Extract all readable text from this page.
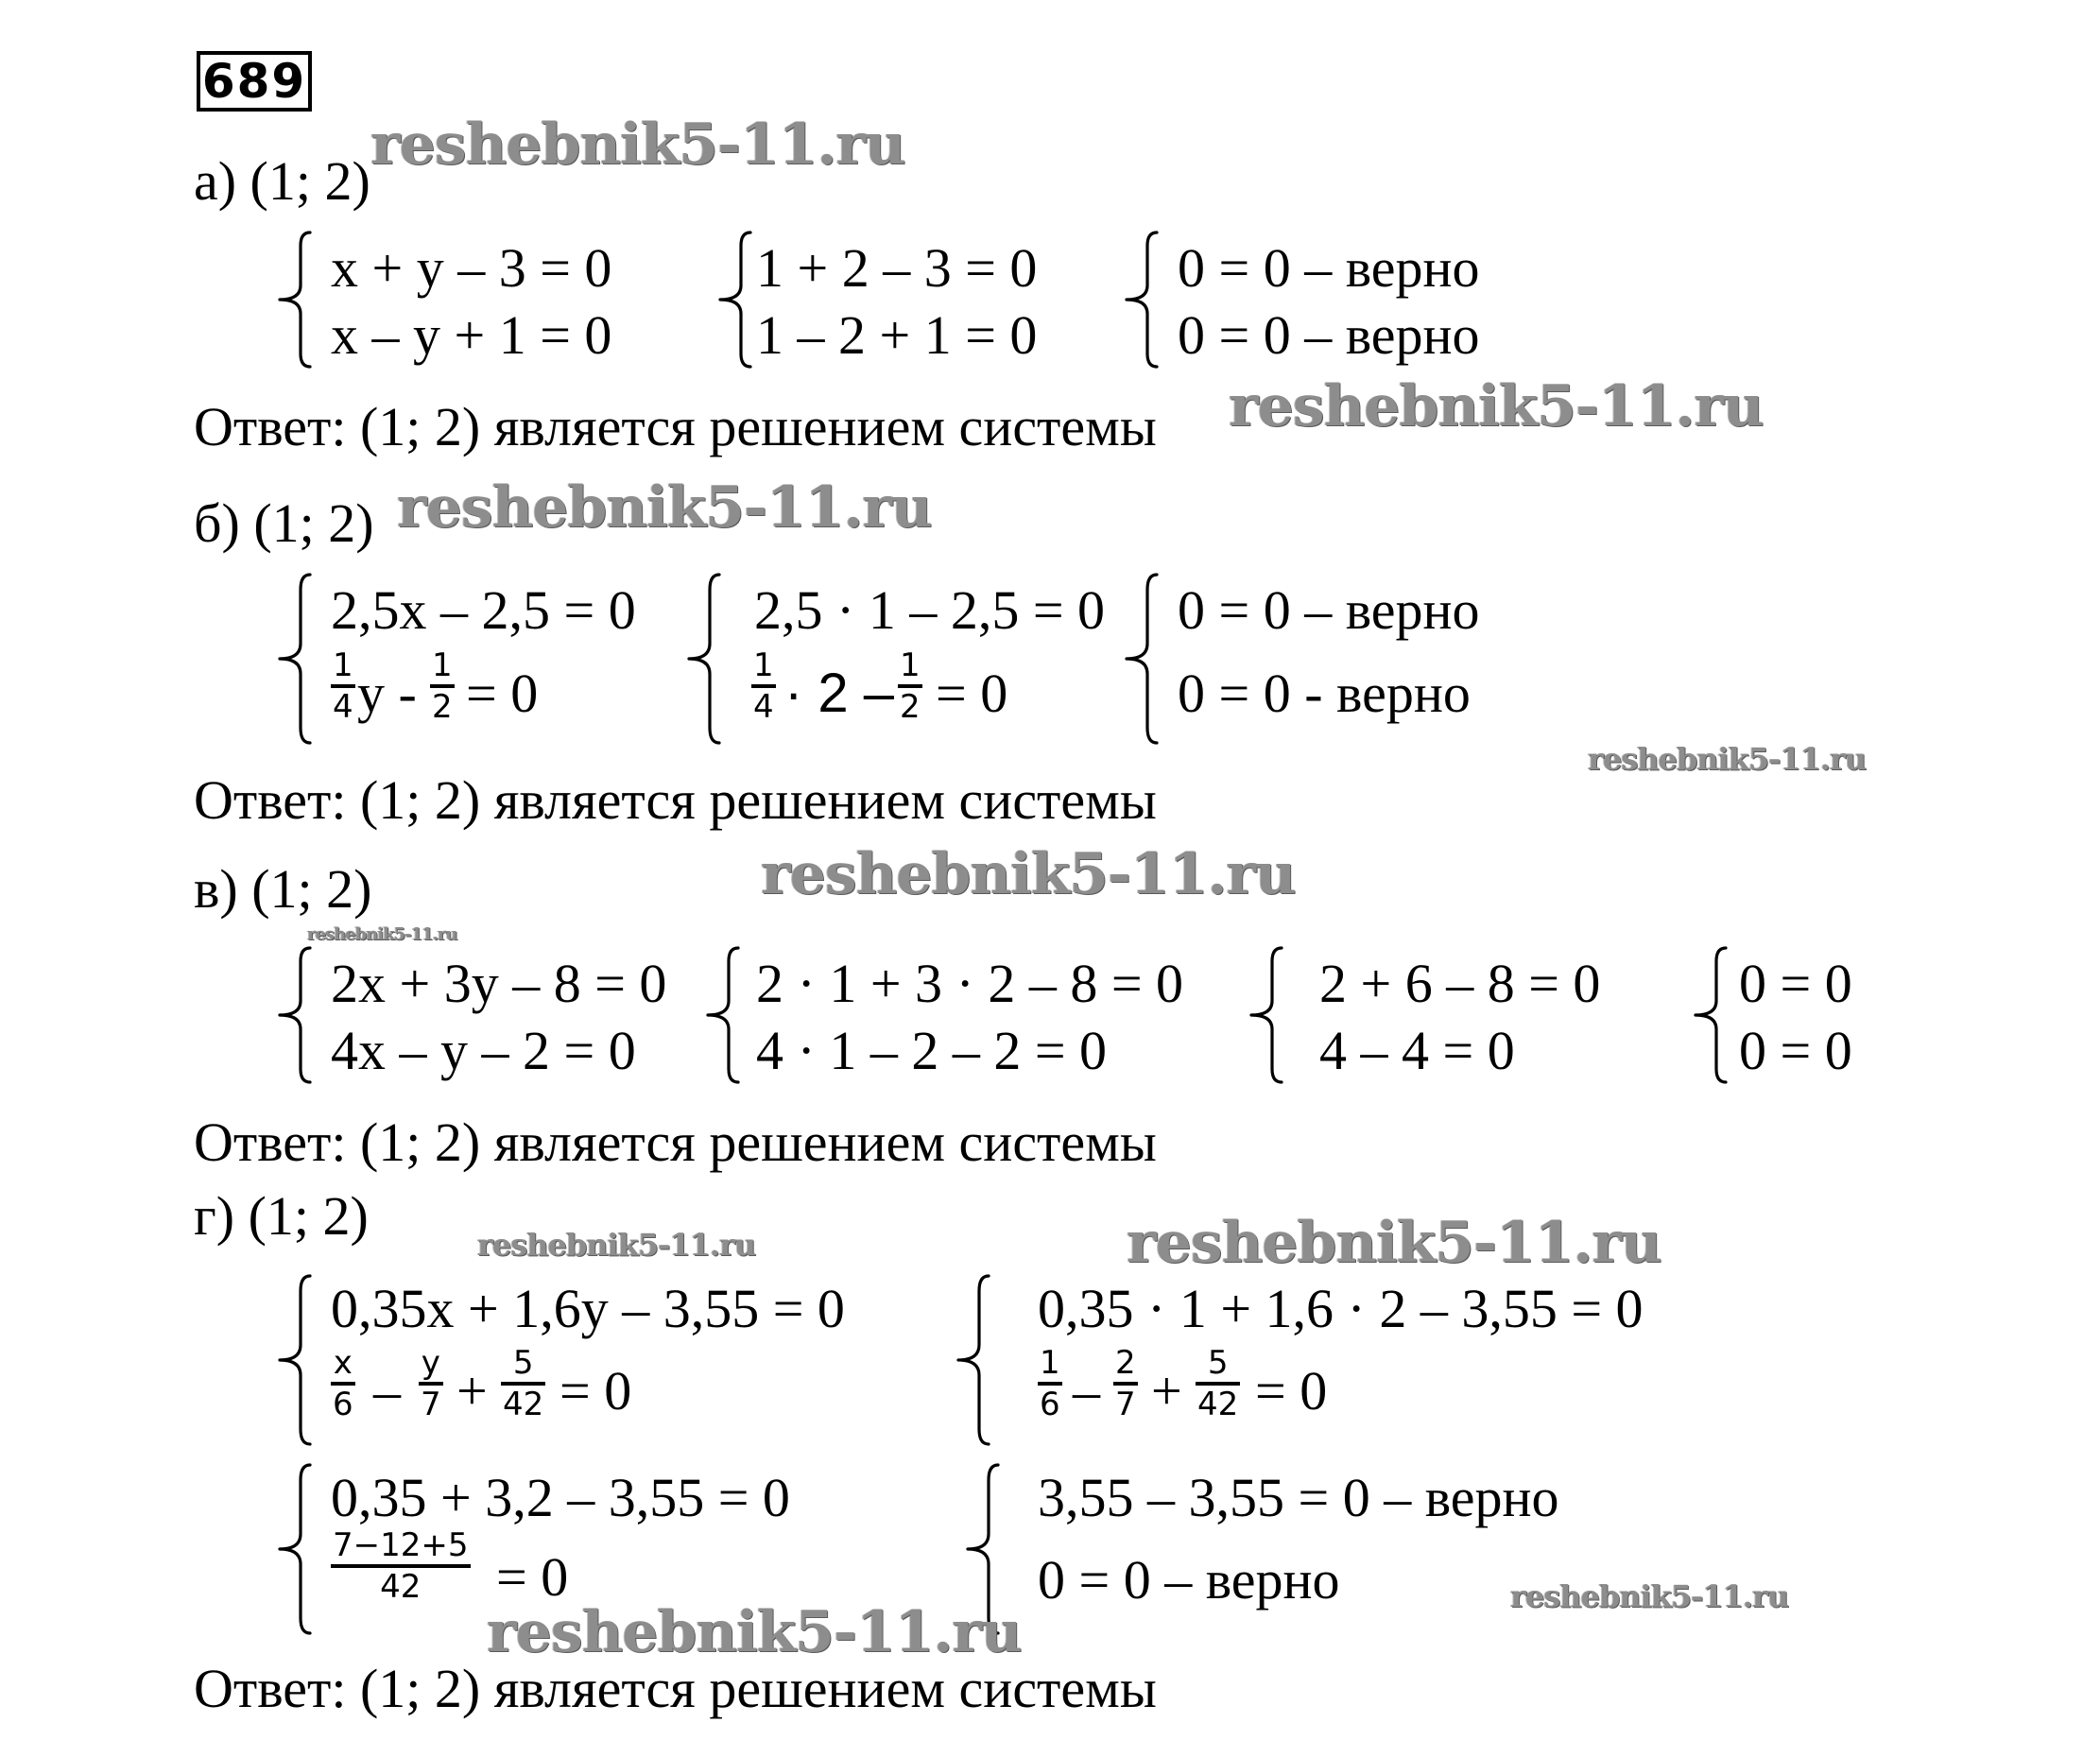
689
а) (1; 2)
x + y – 3 = 0
x – y + 1 = 0
1 + 2 – 3 = 0
1 – 2 + 1 = 0
0 = 0 – верно
0 = 0 – верно
Ответ: (1; 2) является решением системы
б) (1; 2)
2,5x – 2,5 = 0
1
4 y - 1
2 = 0
2,5 · 1 – 2,5 = 0
1
4 · 2 – 1
2 = 0
0 = 0 – верно
0 = 0 - верно
Ответ: (1; 2) является решением системы
в) (1; 2)
2x + 3y – 8 = 0
4x – y – 2 = 0
2 · 1 + 3 · 2 – 8 = 0
4 · 1 – 2 – 2 = 0
2 + 6 – 8 = 0
4 – 4 = 0
0 = 0
0 = 0
Ответ: (1; 2) является решением системы
г) (1; 2)
0,35x + 1,6y – 3,55 = 0
x
6 – y
7 + 5
42 = 0
0,35 · 1 + 1,6 · 2 – 3,55 = 0
1
6 – 2
7 + 5
42 = 0
0,35 + 3,2 – 3,55 = 0
7−12+5
42 = 0
3,55 – 3,55 = 0 – верно
0 = 0 – верно
Ответ: (1; 2) является решением системы
reshebnik5-11.ru
reshebnik5-11.ru
reshebnik5-11.ru
reshebnik5-11.ru
reshebnik5-11.ru
reshebnik5-11.ru
reshebnik5-11.ru	reshebnik5-11.ru
reshebnik5-11.ru
reshebnik5-11.ru
